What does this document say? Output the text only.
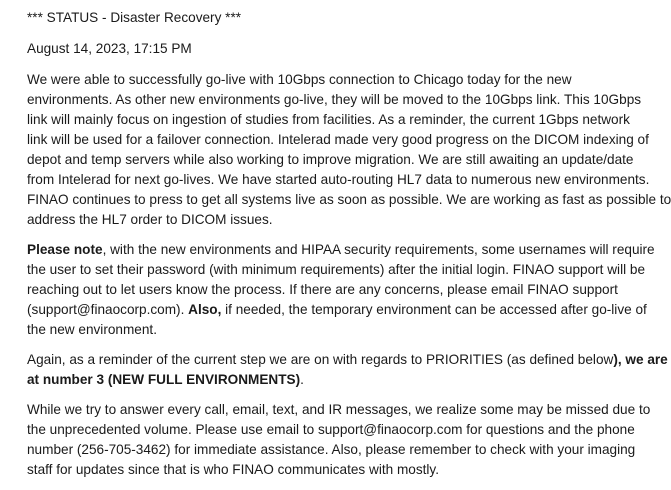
*** STATUS - Disaster Recovery ***

August 14, 2023, 17:15 PM

We were able to successfully go-live with 10Gbps connection to Chicago today for the new

environments. As other new environments go-live, they will be moved to the 10Gbps link. This 10Gbps

link will mainly focus on ingestion of studies from facilities. As a reminder, the current 1Gbps network

link will be used for a failover connection. Intelerad made very good progress on the DICOM indexing of

depot and temp servers while also working to improve migration. We are still awaiting an update/date

from Intelerad for next go-lives. We have started auto-routing HL7 data to numerous new environments.

FINAO continues to press to get all systems live as soon as possible. We are working as fast as possible to

address the HL7 order to DICOM issues.

Please note, with the new environments and HIPAA security requirements, some usernames will require

the user to set their password (with minimum requirements) after the initial login. FINAO support will be

reaching out to let users know the process. If there are any concerns, please email FINAO support

(support@finaocorp.com). Also, if needed, the temporary environment can be accessed after go-live of

the new environment.

Again, as a reminder of the current step we are on with regards to PRIORITIES (as defined below), we are

at number 3 (NEW FULL ENVIRONMENTS).

While we try to answer every call, email, text, and IR messages, we realize some may be missed due to

the unprecedented volume. Please use email to support@finaocorp.com for questions and the phone

number (256-705-3462) for immediate assistance. Also, please remember to check with your imaging

staff for updates since that is who FINAO communicates with mostly.
